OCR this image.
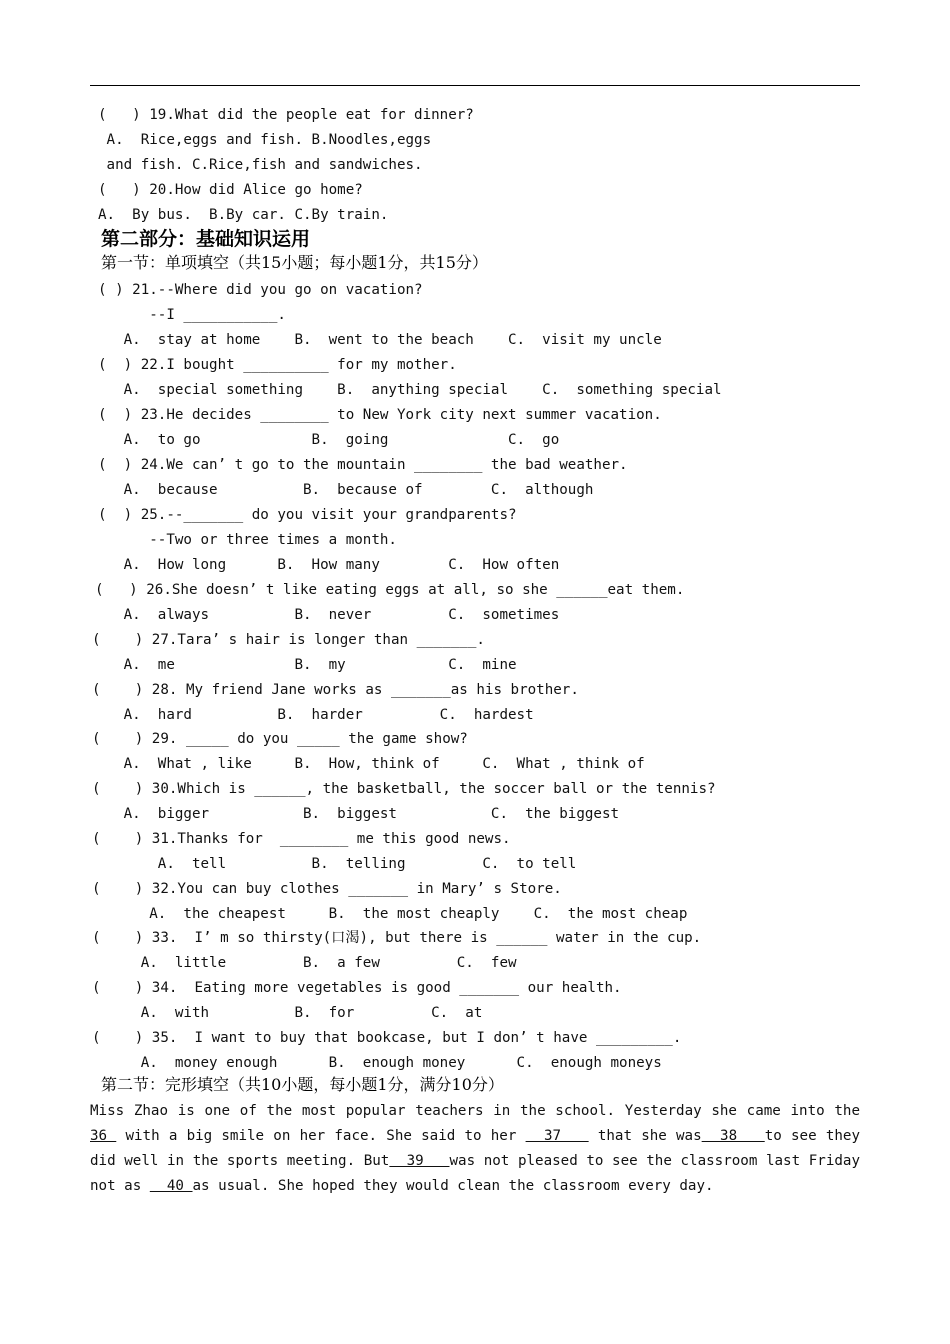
(   ) 19.What did the people eat for dinner?
A.  Rice,eggs and fish. B.Noodles,eggs
and fish. C.Rice,fish and sandwiches.
(   ) 20.How did Alice go home?
A.  By bus.  B.By car. C.By train.
第二部分：基础知识运用
第一节：单项填空（共15小题；每小题1分，共15分）
( ) 21.--Where did you go on vacation?
--I ___________.
A.  stay at home    B.  went to the beach    C.  visit my uncle
(  ) 22.I bought __________ for my mother.
A.  special something    B.  anything special    C.  something special
(  ) 23.He decides ________ to New York city next summer vacation.
A.  to go             B.  going              C.  go
(  ) 24.We can’ t go to the mountain ________ the bad weather.
A.  because          B.  because of        C.  although
(  ) 25.--_______ do you visit your grandparents?
--Two or three times a month.
A.  How long      B.  How many        C.  How often
(   ) 26.She doesn’ t like eating eggs at all, so she ______eat them.
A.  always          B.  never         C.  sometimes
(    ) 27.Tara’ s hair is longer than _______.
A.  me              B.  my            C.  mine
(    ) 28. My friend Jane works as _______as his brother.
A.  hard          B.  harder         C.  hardest
(    ) 29. _____ do you _____ the game show?
A.  What , like     B.  How, think of     C.  What , think of
(    ) 30.Which is ______, the basketball, the soccer ball or the tennis?
A.  bigger           B.  biggest           C.  the biggest
(    ) 31.Thanks for  ________ me this good news.
A.  tell          B.  telling         C.  to tell
(    ) 32.You can buy clothes _______ in Mary’ s Store.
A.  the cheapest     B.  the most cheaply    C.  the most cheap
(    ) 33.  I’ m so thirsty(口渴), but there is ______ water in the cup.
A.  little         B.  a few         C.  few
(    ) 34.  Eating more vegetables is good _______ our health.
A.  with          B.  for         C.  at
(    ) 35.  I want to buy that bookcase, but I don’ t have _________.
A.  money enough      B.  enough money      C.  enough moneys
第二节：完形填空（共10小题，每小题1分，满分10分）
Miss Zhao is one of the most popular teachers in the school. Yesterday she came into the 36  with a big smile on her face. She said to her   37    that she was  38   to see they did well in the sports meeting. But  39   was not pleased to see the classroom last Friday not as   40 as usual. She hoped they would clean the classroom every day.
